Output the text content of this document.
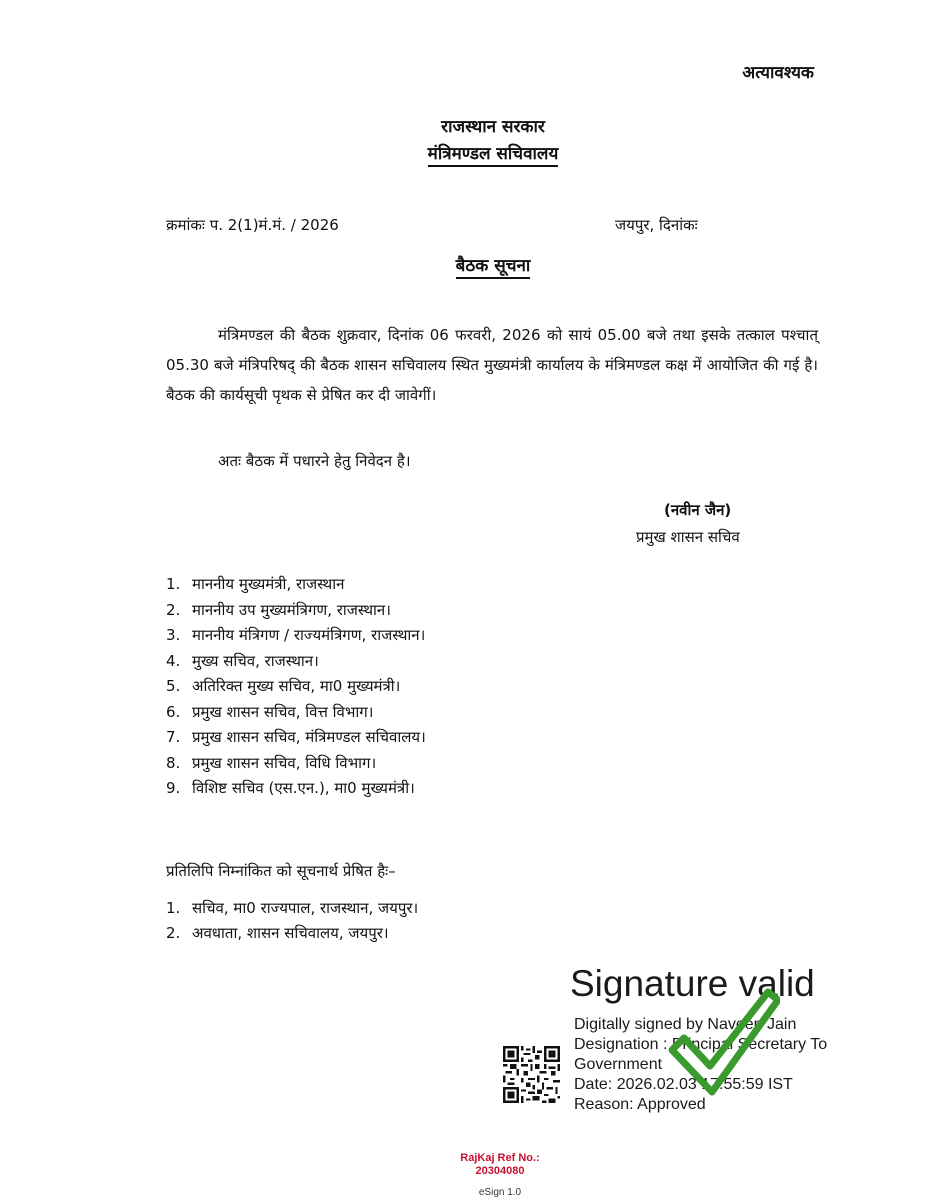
अत्यावश्यक
राजस्थान सरकार
मंत्रिमण्डल सचिवालय
क्रमांकः प. 2(1)मं.मं. / 2026	जयपुर, दिनांकः
बैठक सूचना
मंत्रिमण्डल की बैठक शुक्रवार, दिनांक 06 फरवरी, 2026 को सायं 05.00 बजे तथा इसके तत्काल पश्चात् 05.30 बजे मंत्रिपरिषद् की बैठक शासन सचिवालय स्थित मुख्यमंत्री कार्यालय के मंत्रिमण्डल कक्ष में आयोजित की गई है। बैठक की कार्यसूची पृथक से प्रेषित कर दी जावेगीं।
अतः बैठक में पधारने हेतु निवेदन है।
(नवीन जैन)
प्रमुख शासन सचिव
1. माननीय मुख्यमंत्री, राजस्थान
2. माननीय उप मुख्यमंत्रिगण, राजस्थान।
3. माननीय मंत्रिगण / राज्यमंत्रिगण, राजस्थान।
4. मुख्य सचिव, राजस्थान।
5. अतिरिक्त मुख्य सचिव, मा0 मुख्यमंत्री।
6. प्रमुख शासन सचिव, वित्त विभाग।
7. प्रमुख शासन सचिव, मंत्रिमण्डल सचिवालय।
8. प्रमुख शासन सचिव, विधि विभाग।
9. विशिष्ट सचिव (एस.एन.), मा0 मुख्यमंत्री।
प्रतिलिपि निम्नांकित को सूचनार्थ प्रेषित हैः–
1. सचिव, मा0 राज्यपाल, राजस्थान, जयपुर।
2. अवधाता, शासन सचिवालय, जयपुर।
Signature valid
Digitally signed by Naveen Jain
Designation : Principal Secretary To
Government
Date: 2026.02.03 17:55:59 IST
Reason: Approved
RajKaj Ref No.:
20304080
eSign 1.0
